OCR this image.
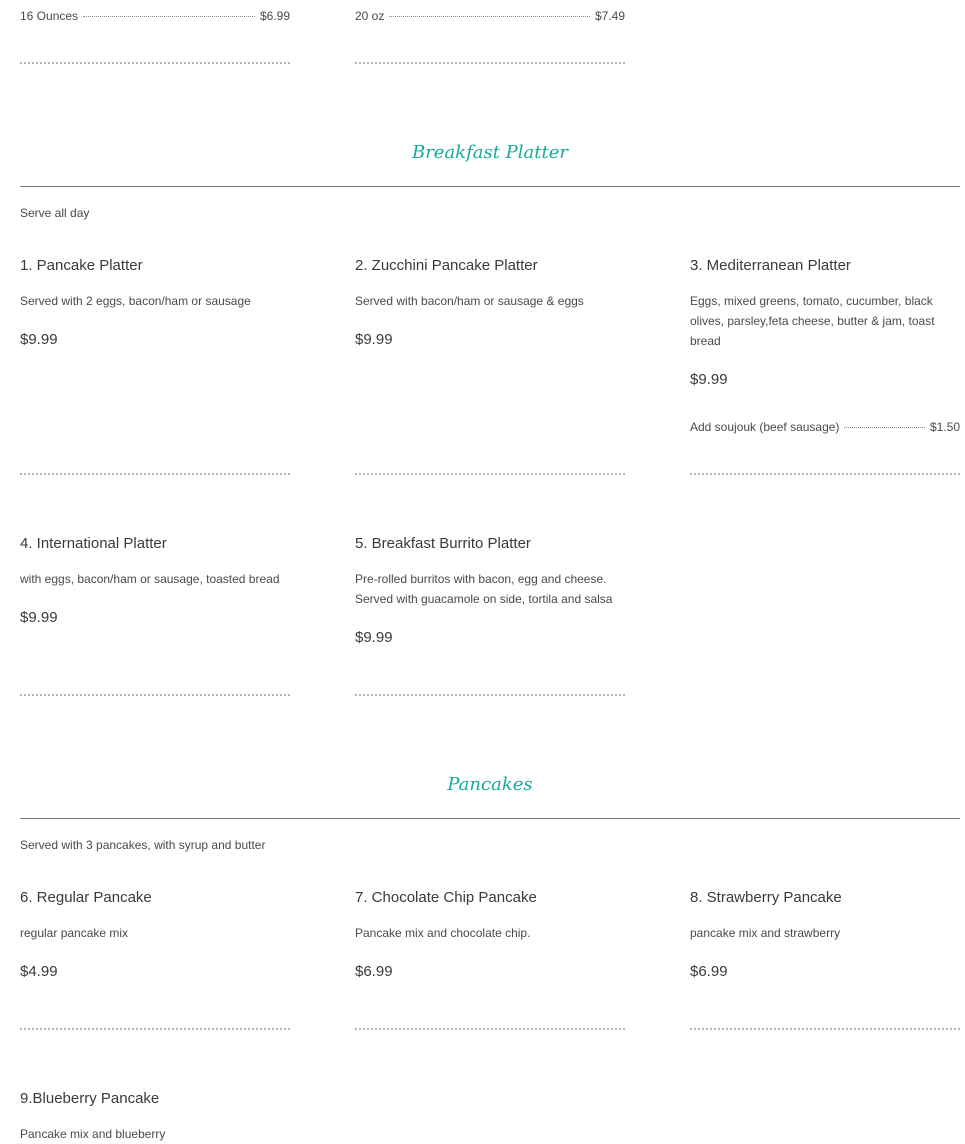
16 Ounces	$6.99	20 oz	$7.49
Breakfast Platter
Serve all day
1. Pancake Platter
Served with 2 eggs, bacon/ham or sausage
$9.99
2. Zucchini Pancake Platter
Served with bacon/ham or sausage & eggs
$9.99
3. Mediterranean Platter
Eggs, mixed greens, tomato, cucumber, black olives, parsley,feta cheese, butter & jam, toast bread
$9.99
Add soujouk (beef sausage)	$1.50
4. International Platter
with eggs, bacon/ham or sausage, toasted bread
$9.99
5. Breakfast Burrito Platter
Pre-rolled burritos with bacon, egg and cheese. Served with guacamole on side, tortila and salsa
$9.99
Pancakes
Served with 3 pancakes, with syrup and butter
6. Regular Pancake
regular pancake mix
$4.99
7. Chocolate Chip Pancake
Pancake mix and chocolate chip.
$6.99
8. Strawberry Pancake
pancake mix and strawberry
$6.99
9.Blueberry Pancake
Pancake mix and blueberry
